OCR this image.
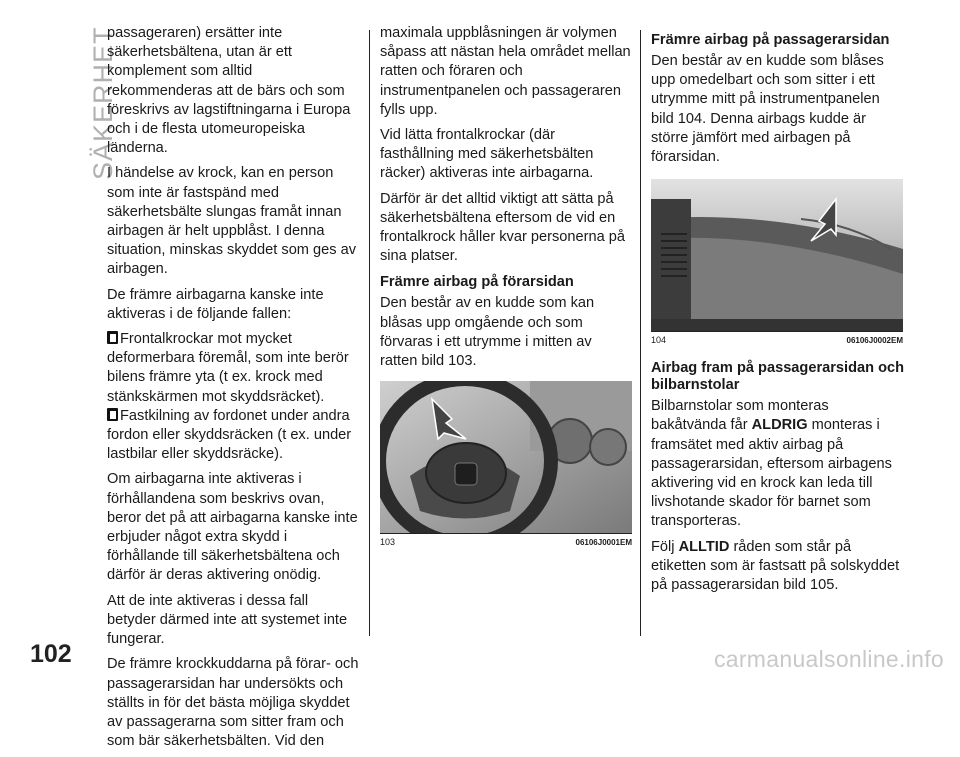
SÄKERHET

passageraren) ersätter inte säkerhetsbältena, utan är ett komplement som alltid rekommenderas att de bärs och som föreskrivs av lagstiftningarna i Europa och i de flesta utomeuropeiska länderna.

I händelse av krock, kan en person som inte är fastspänd med säkerhetsbälte slungas framåt innan airbagen är helt uppblåst. I denna situation, minskas skyddet som ges av airbagen.

De främre airbagarna kanske inte aktiveras i de följande fallen:

Frontalkrockar mot mycket deformerbara föremål, som inte berör bilens främre yta (t ex. krock med stänkskärmen mot skyddsräcket).
Fastkilning av fordonet under andra fordon eller skyddsräcken (t ex. under lastbilar eller skyddsräcke).

Om airbagarna inte aktiveras i förhållandena som beskrivs ovan, beror det på att airbagarna kanske inte erbjuder något extra skydd i förhållande till säkerhetsbältena och därför är deras aktivering onödig.

Att de inte aktiveras i dessa fall betyder därmed inte att systemet inte fungerar.

De främre krockkuddarna på förar- och passagerarsidan har undersökts och ställts in för det bästa möjliga skyddet av passagerarna som sitter fram och som bär säkerhetsbälten. Vid den

maximala uppblåsningen är volymen såpass att nästan hela området mellan ratten och föraren och instrumentpanelen och passageraren fylls upp.

Vid lätta frontalkrockar (där fasthållning med säkerhetsbälten räcker) aktiveras inte airbagarna.

Därför är det alltid viktigt att sätta på säkerhetsbältena eftersom de vid en frontalkrock håller kvar personerna på sina platser.

Främre airbag på förarsidan

Den består av en kudde som kan blåsas upp omgående och som förvaras i ett utrymme i mitten av ratten bild 103.

103	06106J0001EM
Främre airbag på passagerarsidan

Den består av en kudde som blåses upp omedelbart och som sitter i ett utrymme mitt på instrumentpanelen bild 104. Denna airbags kudde är större jämfört med airbagen på förarsidan.

104	06106J0002EM
Airbag fram på passagerarsidan och bilbarnstolar

Bilbarnstolar som monteras bakåtvända får ALDRIG monteras i framsätet med aktiv airbag på passagerarsidan, eftersom airbagens aktivering vid en krock kan leda till livshotande skador för barnet som transporteras.

Följ ALLTID råden som står på etiketten som är fastsatt på solskyddet på passagerarsidan bild 105.

102	carmanualsonline.info
